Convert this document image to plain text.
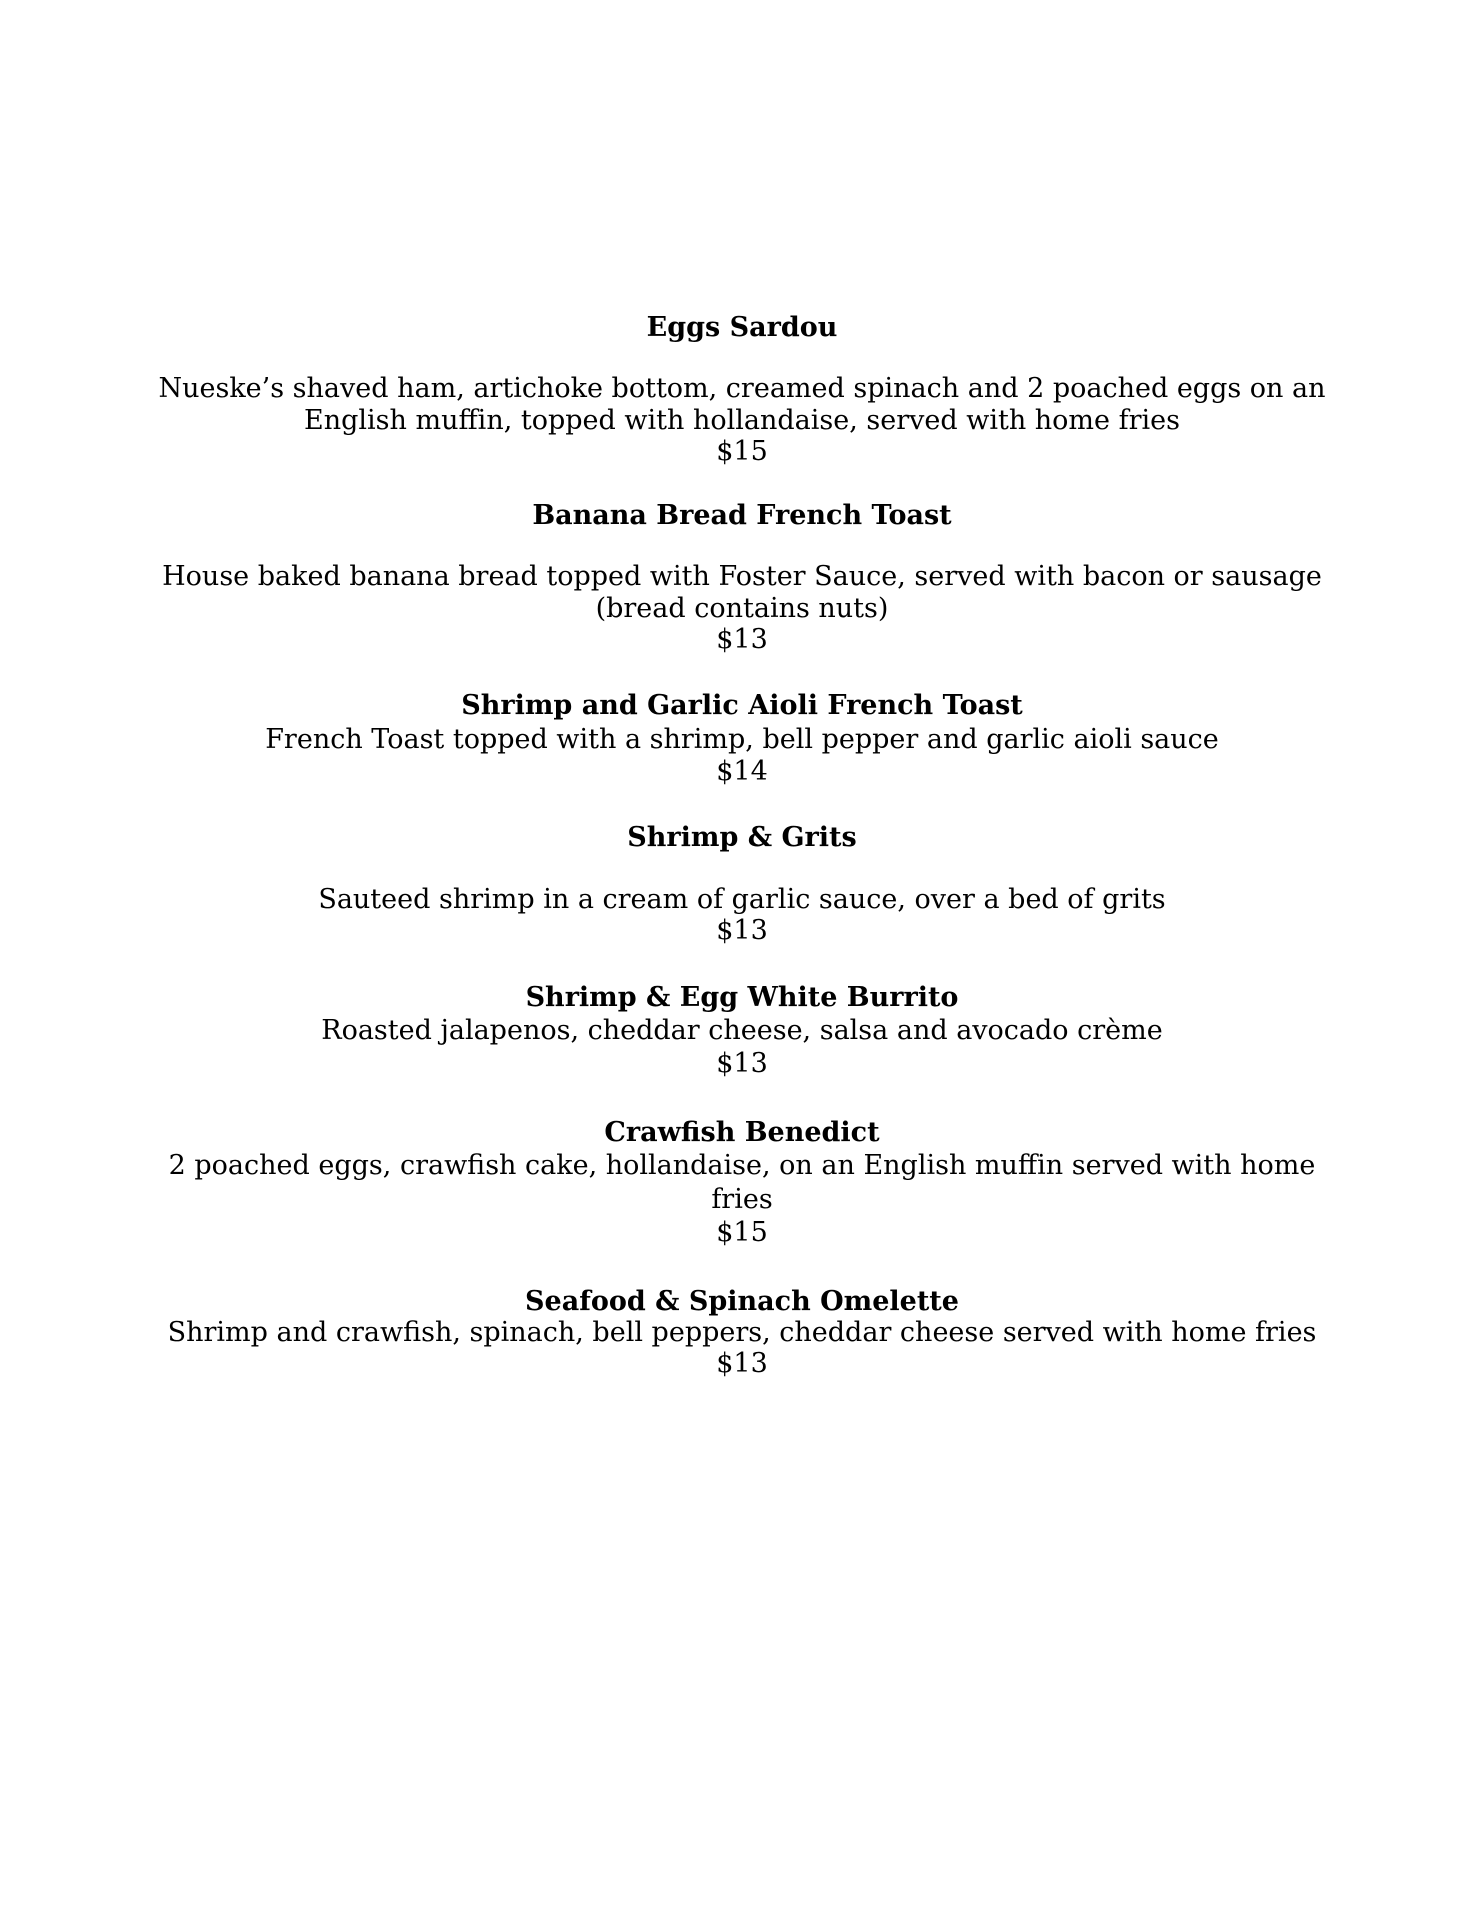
Eggs Sardou
Nueske’s shaved ham, artichoke bottom, creamed spinach and 2 poached eggs on an
English muffin, topped with hollandaise, served with home fries
$15
Banana Bread French Toast
House baked banana bread topped with Foster Sauce, served with bacon or sausage
(bread contains nuts)
$13
Shrimp and Garlic Aioli French Toast
French Toast topped with a shrimp, bell pepper and garlic aioli sauce
$14
Shrimp & Grits
Sauteed shrimp in a cream of garlic sauce, over a bed of grits
$13
Shrimp & Egg White Burrito
Roasted jalapenos, cheddar cheese, salsa and avocado crème
$13
Crawfish Benedict
2 poached eggs, crawfish cake, hollandaise, on an English muffin served with home
fries
$15
Seafood & Spinach Omelette
Shrimp and crawfish, spinach, bell peppers, cheddar cheese served with home fries
$13
